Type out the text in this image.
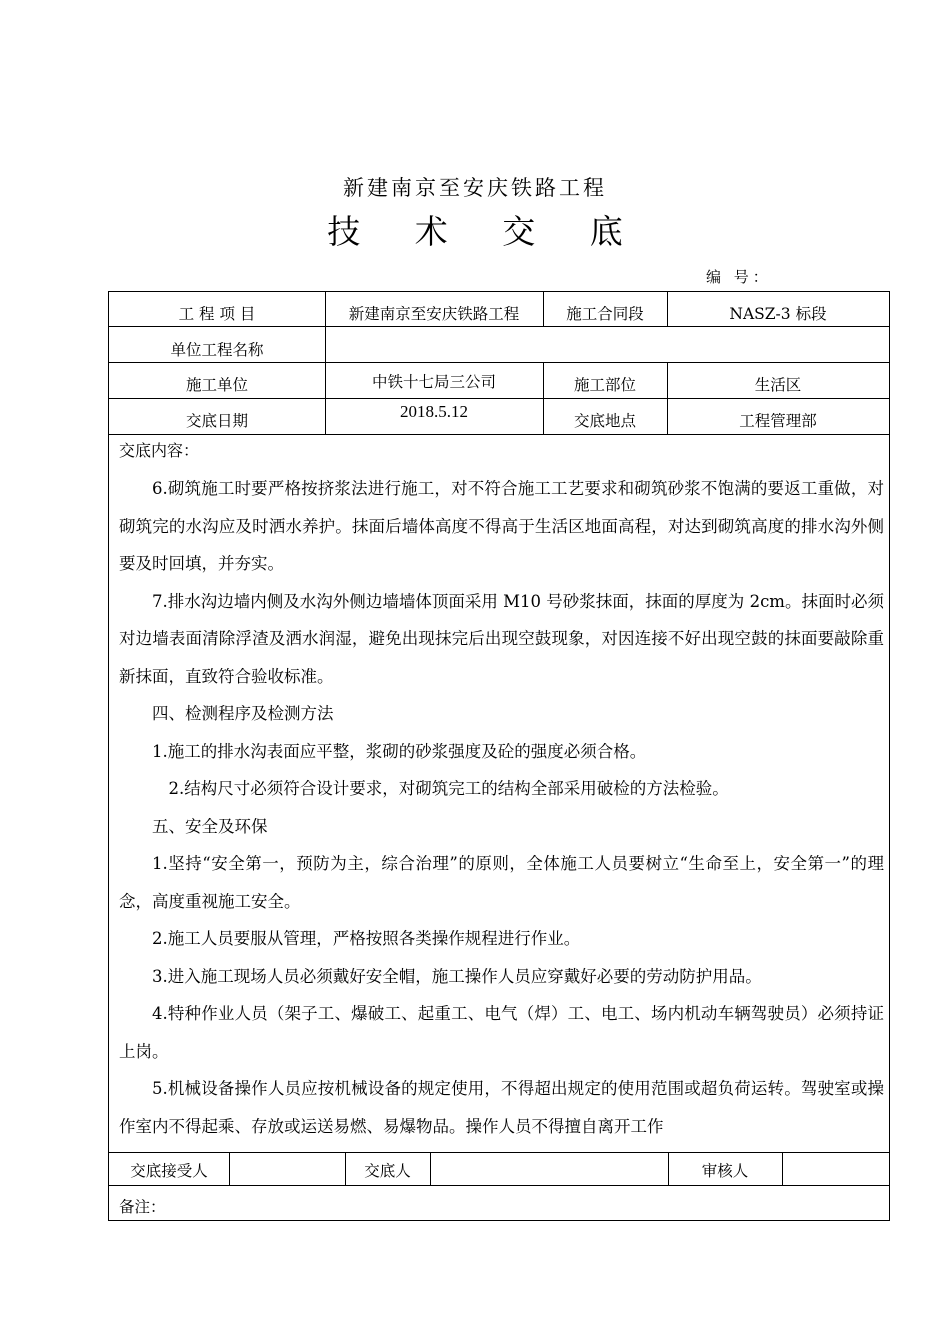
新建南京至安庆铁路工程
技 术 交 底
编 号：
工 程 项 目	新建南京至安庆铁路工程	施工合同段	NASZ-3 标段
单位工程名称
施工单位	中铁十七局三公司	施工部位	生活区
交底日期	2018.5.12	交底地点	工程管理部
交底内容：

6.砌筑施工时要严格按挤浆法进行施工，对不符合施工工艺要求和砌筑砂浆不饱满的要返工重做，对砌筑完的水沟应及时洒水养护。抹面后墙体高度不得高于生活区地面高程，对达到砌筑高度的排水沟外侧要及时回填，并夯实。

7.排水沟边墙内侧及水沟外侧边墙墙体顶面采用 M10 号砂浆抹面，抹面的厚度为 2cm。抹面时必须对边墙表面清除浮渣及洒水润湿，避免出现抹完后出现空鼓现象，对因连接不好出现空鼓的抹面要敲除重新抹面，直致符合验收标准。

四、检测程序及检测方法

1.施工的排水沟表面应平整，浆砌的砂浆强度及砼的强度必须合格。

2.结构尺寸必须符合设计要求，对砌筑完工的结构全部采用破检的方法检验。

五、安全及环保

1.坚持“安全第一，预防为主，综合治理”的原则，全体施工人员要树立“生命至上，安全第一”的理念，高度重视施工安全。

2.施工人员要服从管理，严格按照各类操作规程进行作业。

3.进入施工现场人员必须戴好安全帽，施工操作人员应穿戴好必要的劳动防护用品。

4.特种作业人员（架子工、爆破工、起重工、电气（焊）工、电工、场内机动车辆驾驶员）必须持证上岗。

5.机械设备操作人员应按机械设备的规定使用，不得超出规定的使用范围或超负荷运转。驾驶室或操作室内不得起乘、存放或运送易燃、易爆物品。操作人员不得擅自离开工作

交底接受人	交底人	审核人
备注：
